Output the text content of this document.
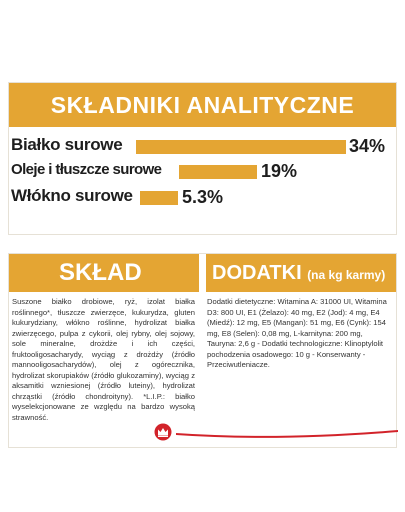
SKŁADNIKI ANALITYCZNE
Białko surowe	34%
Oleje i tłuszcze surowe	19%
Włókno surowe	5.3%
SKŁAD	DODATKI (na kg karmy)

Suszone białko drobiowe, ryż, izolat białka roślinnego*, tłuszcze zwierzęce, kukurydza, gluten kukurydziany, włókno roślinne, hydrolizat białka zwierzęcego, pulpa z cykorii, olej rybny, olej sojowy, sole mineralne, drożdże i ich części, fruktooligosacharydy, wyciąg z drożdży (źródło mannooligosacharydów), olej z ogórecznika, hydrolizat skorupiaków (źródło glukozaminy), wyciąg z aksamitki wzniesionej (źródło luteiny), hydrolizat chrząstki (źródło chondroityny). *L.I.P.: białko wyselekcjonowane ze względu na bardzo wysoką strawność.

Dodatki dietetyczne: Witamina A: 31000 UI, Witamina D3: 800 UI, E1 (Żelazo): 40 mg, E2 (Jod): 4 mg, E4 (Miedź): 12 mg, E5 (Mangan): 51 mg, E6 (Cynk): 154 mg, E8 (Selen): 0,08 mg, L-karnityna: 200 mg, Tauryna: 2,6 g - Dodatki technologiczne: Klinoptylolit pochodzenia osadowego: 10 g - Konserwanty - Przeciwutleniacze.
